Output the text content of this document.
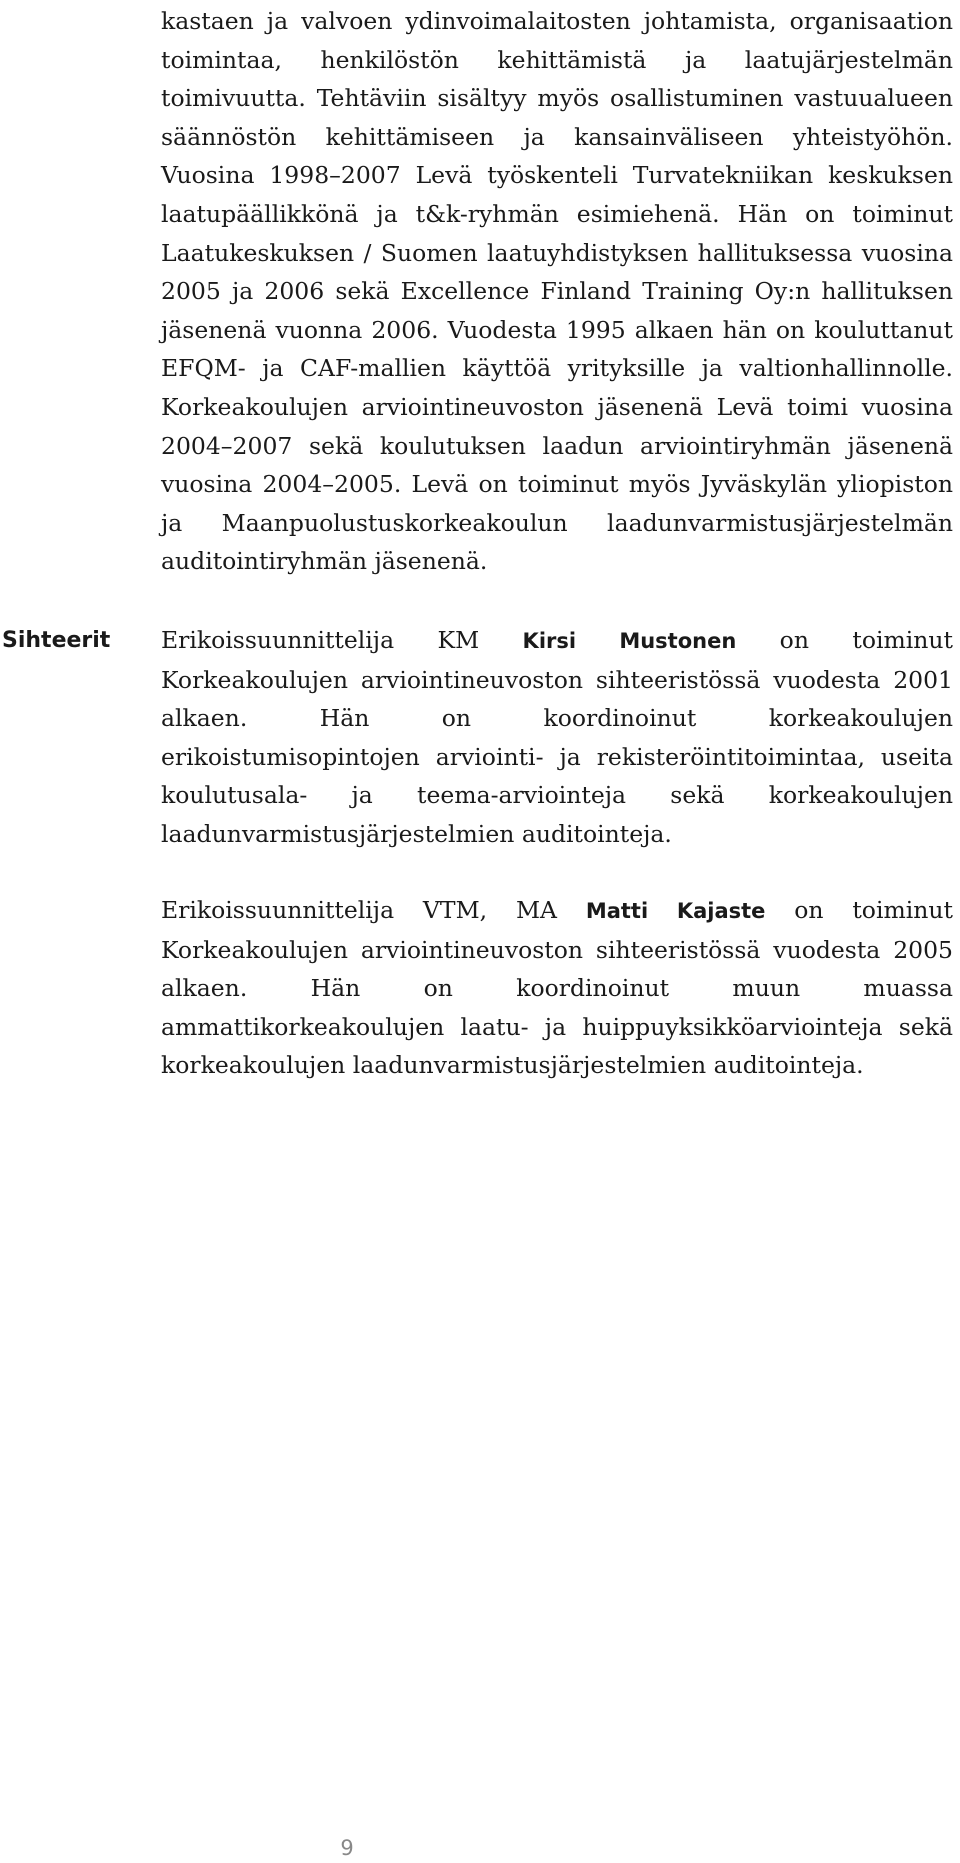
kastaen ja valvoen ydinvoimalaitosten johtamista, organisaation toimintaa, henkilöstön kehittämistä ja laatujärjestelmän toimivuutta. Tehtäviin sisältyy myös osallistuminen vastuualueen säännöstön kehittämiseen ja kansainväliseen yhteistyöhön. Vuosina 1998–2007 Levä työskenteli Turvatekniikan keskuksen laatupäällikkönä ja t&k-ryhmän esimiehenä. Hän on toiminut Laatukeskuksen / Suomen laatuyhdistyksen hallituksessa vuosina 2005 ja 2006 sekä Excellence Finland Training Oy:n hallituksen jäsenenä vuonna 2006. Vuodesta 1995 alkaen hän on kouluttanut EFQM- ja CAF-mallien käyttöä yrityksille ja valtionhallinnolle. Korkeakoulujen arviointineuvoston jäsenenä Levä toimi vuosina 2004–2007 sekä koulutuksen laadun arviointiryhmän jäsenenä vuosina 2004–2005. Levä on toiminut myös Jyväskylän yliopiston ja Maanpuolustuskorkeakoulun laadunvarmistusjärjestelmän auditointiryhmän jäsenenä.

Sihteerit Erikoissuunnittelija KM Kirsi Mustonen on toiminut Korkeakoulujen arviointineuvoston sihteeristössä vuodesta 2001 alkaen. Hän on koordinoinut korkeakoulujen erikoistumisopintojen arviointi- ja rekisteröintitoimintaa, useita koulutusala- ja teema-arviointeja sekä korkeakoulujen laadunvarmistusjärjestelmien auditointeja.

Erikoissuunnittelija VTM, MA Matti Kajaste on toiminut Korkeakoulujen arviointineuvoston sihteeristössä vuodesta 2005 alkaen. Hän on koordinoinut muun muassa ammattikorkeakoulujen laatu- ja huippuyksikköarviointeja sekä korkeakoulujen laadunvarmistusjärjestelmien auditointeja.

9
